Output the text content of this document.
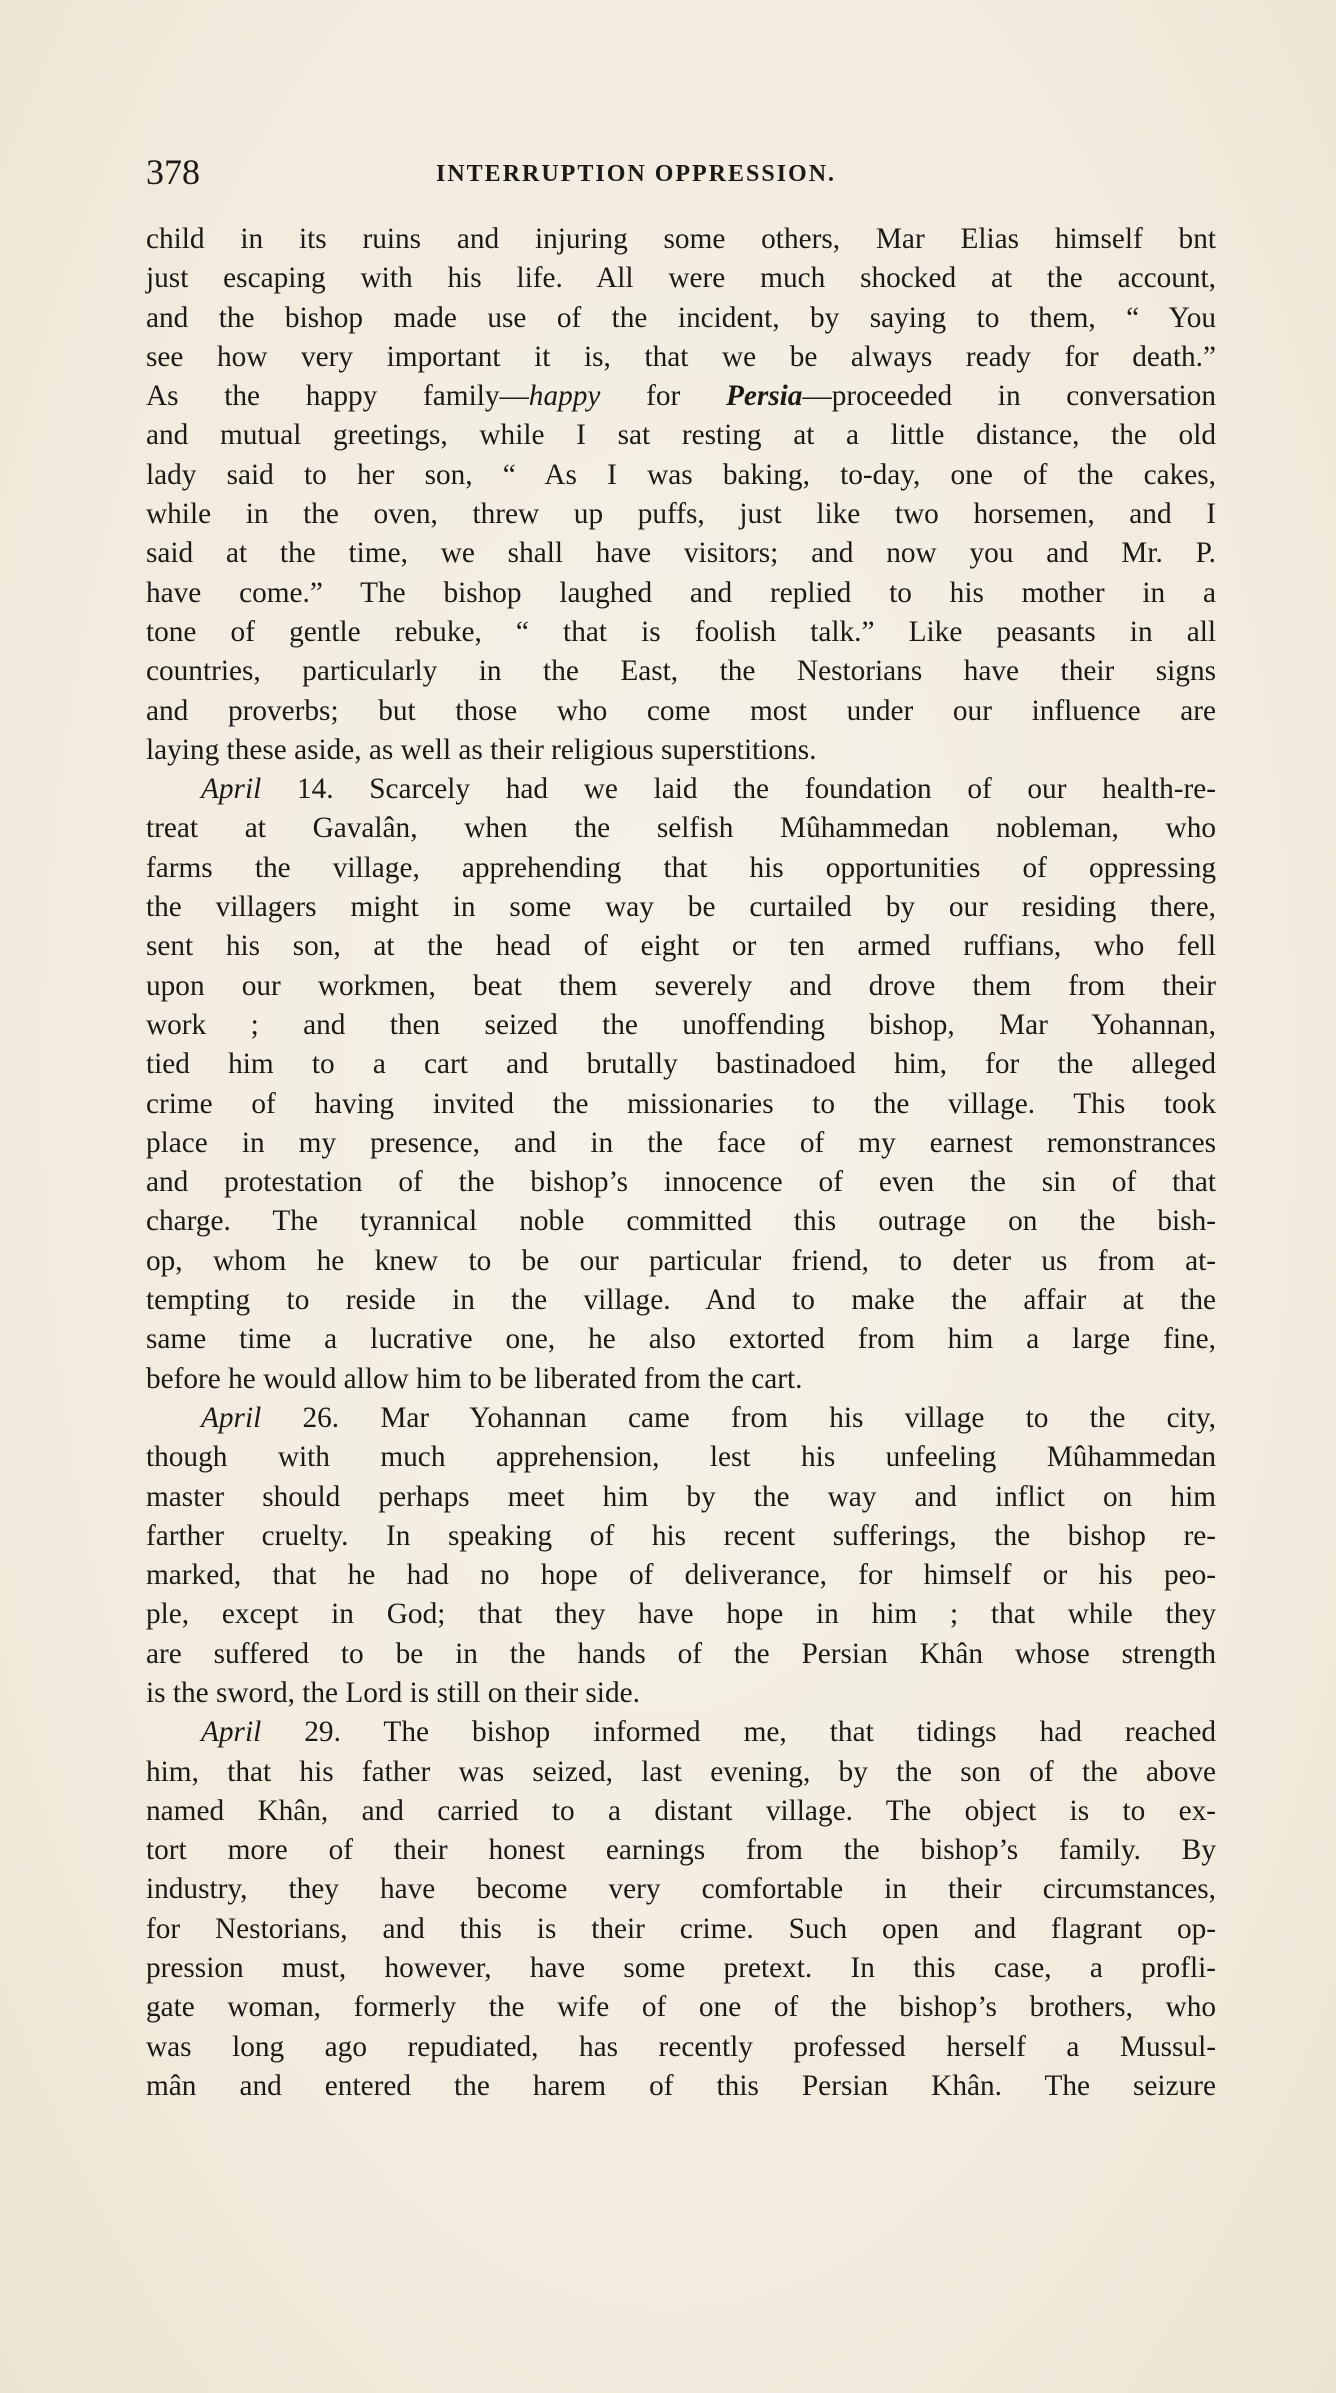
378	INTERRUPTION OPPRESSION.
child in its ruins and injuring some others, Mar Elias himself bnt
just escaping with his life. All were much shocked at the account,
and the bishop made use of the incident, by saying to them, “ You
see how very important it is, that we be always ready for death.”
As the happy family—happy for Persia—proceeded in conversation
and mutual greetings, while I sat resting at a little distance, the old
lady said to her son, “ As I was baking, to-day, one of the cakes,
while in the oven, threw up puffs, just like two horsemen, and I
said at the time, we shall have visitors; and now you and Mr. P.
have come.” The bishop laughed and replied to his mother in a
tone of gentle rebuke, “ that is foolish talk.” Like peasants in all
countries, particularly in the East, the Nestorians have their signs
and proverbs; but those who come most under our influence are
laying these aside, as well as their religious superstitions.
April 14. Scarcely had we laid the foundation of our health-re-
treat at Gavalân, when the selfish Mûhammedan nobleman, who
farms the village, apprehending that his opportunities of oppressing
the villagers might in some way be curtailed by our residing there,
sent his son, at the head of eight or ten armed ruffians, who fell
upon our workmen, beat them severely and drove them from their
work ; and then seized the unoffending bishop, Mar Yohannan,
tied him to a cart and brutally bastinadoed him, for the alleged
crime of having invited the missionaries to the village. This took
place in my presence, and in the face of my earnest remonstrances
and protestation of the bishop’s innocence of even the sin of that
charge. The tyrannical noble committed this outrage on the bish-
op, whom he knew to be our particular friend, to deter us from at-
tempting to reside in the village. And to make the affair at the
same time a lucrative one, he also extorted from him a large fine,
before he would allow him to be liberated from the cart.
April 26. Mar Yohannan came from his village to the city,
though with much apprehension, lest his unfeeling Mûhammedan
master should perhaps meet him by the way and inflict on him
farther cruelty. In speaking of his recent sufferings, the bishop re-
marked, that he had no hope of deliverance, for himself or his peo-
ple, except in God; that they have hope in him ; that while they
are suffered to be in the hands of the Persian Khân whose strength
is the sword, the Lord is still on their side.
April 29. The bishop informed me, that tidings had reached
him, that his father was seized, last evening, by the son of the above
named Khân, and carried to a distant village. The object is to ex-
tort more of their honest earnings from the bishop’s family. By
industry, they have become very comfortable in their circumstances,
for Nestorians, and this is their crime. Such open and flagrant op-
pression must, however, have some pretext. In this case, a profli-
gate woman, formerly the wife of one of the bishop’s brothers, who
was long ago repudiated, has recently professed herself a Mussul-
mân and entered the harem of this Persian Khân. The seizure
